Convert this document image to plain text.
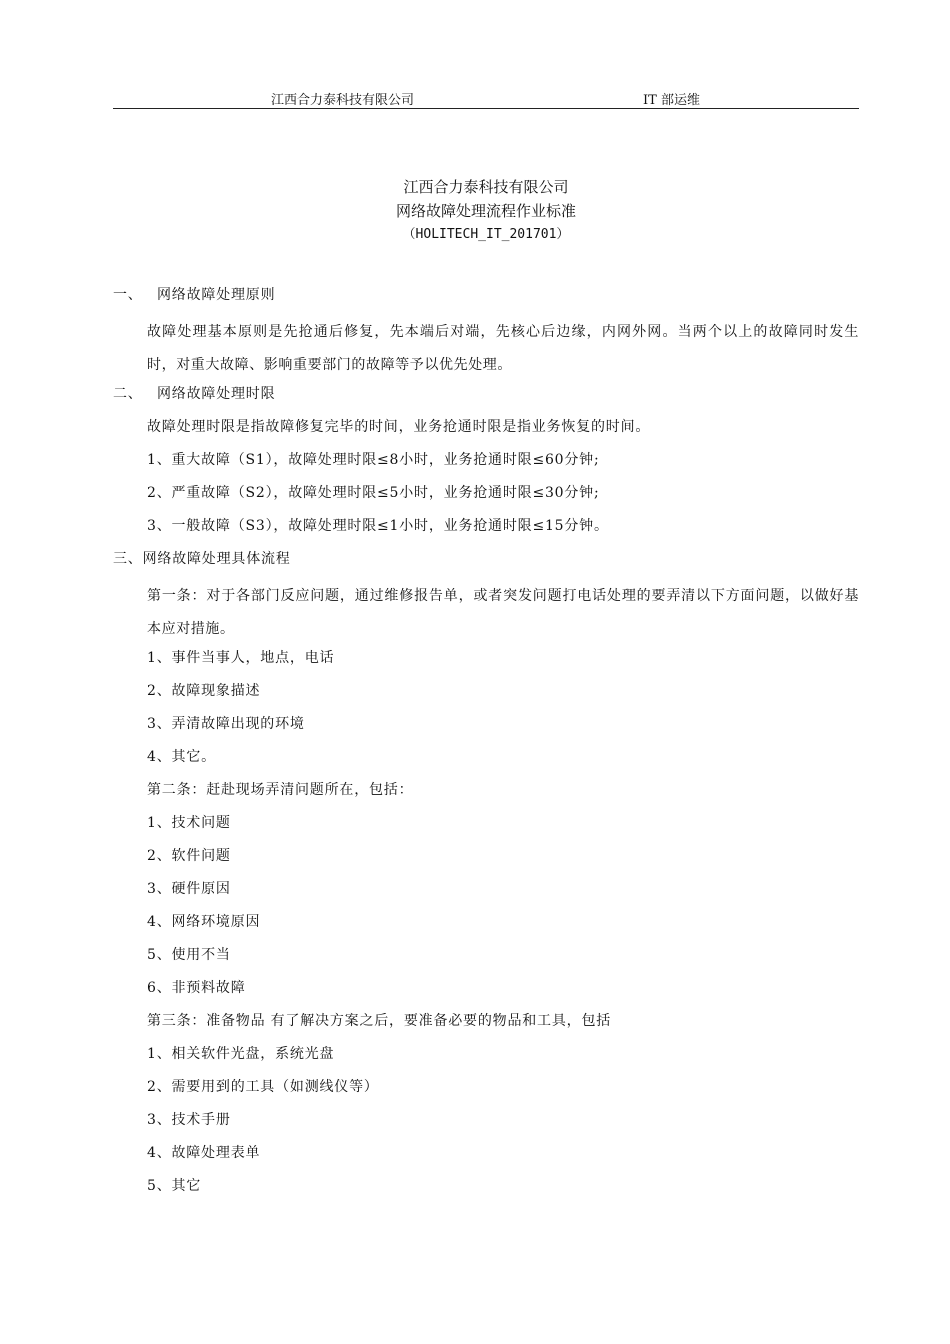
江西合力泰科技有限公司	IT 部运维
江西合力泰科技有限公司
网络故障处理流程作业标准
（HOLITECH_IT_201701）
一、 网络故障处理原则
故障处理基本原则是先抢通后修复，先本端后对端，先核心后边缘，内网外网。当两个以上的故障同时发生时，对重大故障、影响重要部门的故障等予以优先处理。
二、 网络故障处理时限
故障处理时限是指故障修复完毕的时间，业务抢通时限是指业务恢复的时间。
1、重大故障（S1），故障处理时限≤8小时，业务抢通时限≤60分钟;
2、严重故障（S2），故障处理时限≤5小时，业务抢通时限≤30分钟;
3、一般故障（S3），故障处理时限≤1小时，业务抢通时限≤15分钟。
三、网络故障处理具体流程
第一条：对于各部门反应问题，通过维修报告单，或者突发问题打电话处理的要弄清以下方面问题，以做好基本应对措施。
1、事件当事人，地点，电话
2、故障现象描述
3、弄清故障出现的环境
4、其它。
第二条：赶赴现场弄清问题所在，包括：
1、技术问题
2、软件问题
3、硬件原因
4、网络环境原因
5、使用不当
6、非预料故障
第三条：准备物品 有了解决方案之后，要准备必要的物品和工具，包括
1、相关软件光盘，系统光盘
2、需要用到的工具（如测线仪等）
3、技术手册
4、故障处理表单
5、其它
